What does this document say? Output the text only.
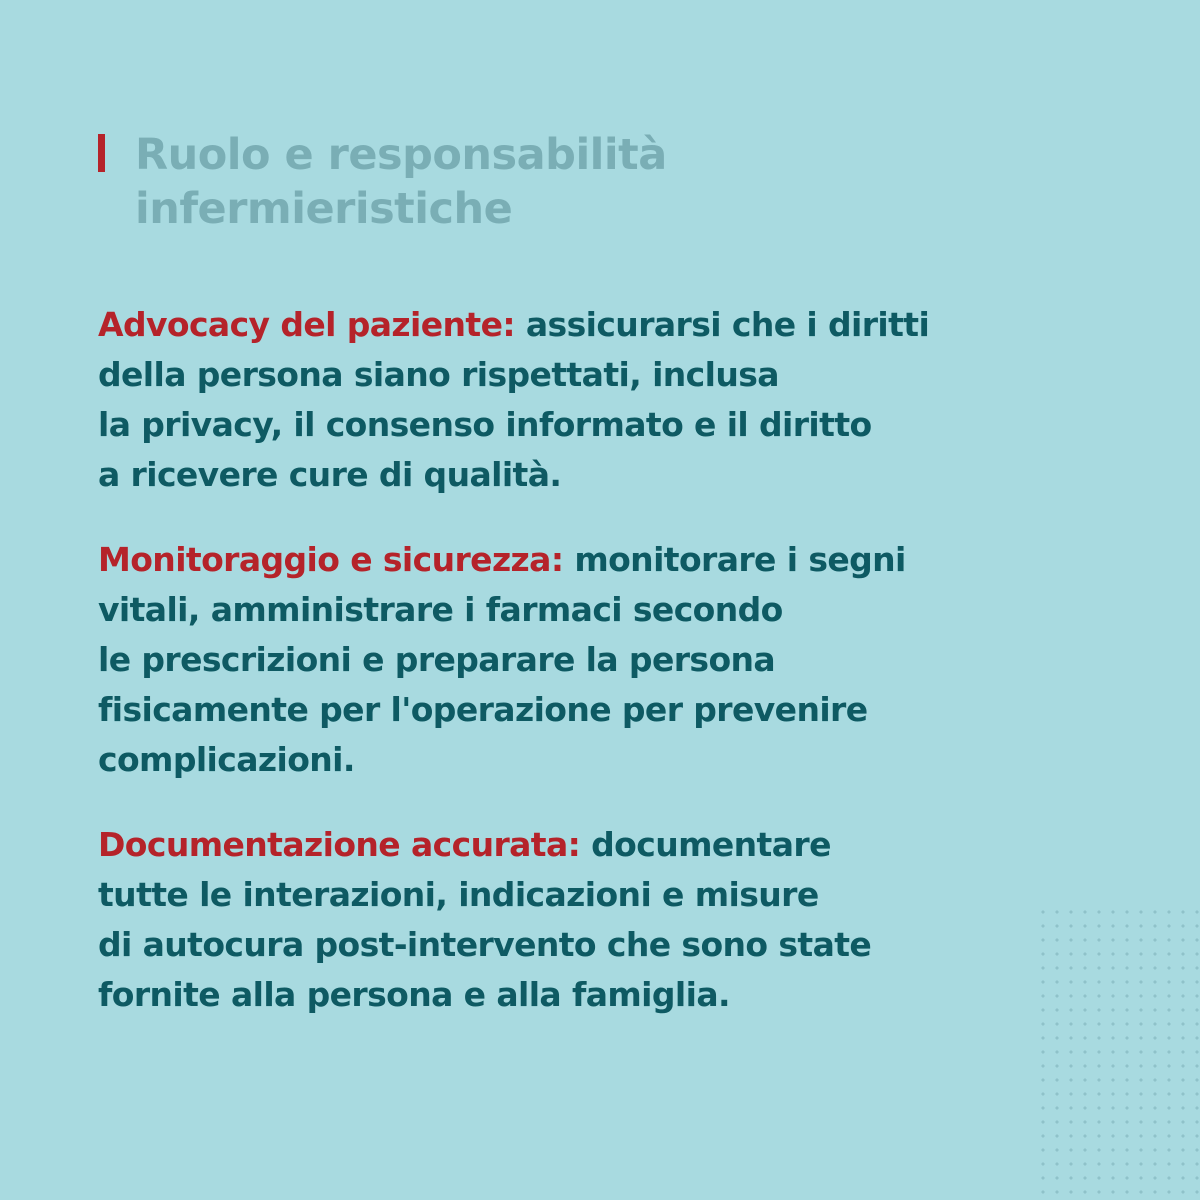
Ruolo e responsabilità
infermieristiche

Advocacy del paziente: assicurarsi che i diritti
della persona siano rispettati, inclusa
la privacy, il consenso informato e il diritto
a ricevere cure di qualità.

Monitoraggio e sicurezza: monitorare i segni
vitali, amministrare i farmaci secondo
le prescrizioni e preparare la persona
fisicamente per l'operazione per prevenire
complicazioni.

Documentazione accurata: documentare
tutte le interazioni, indicazioni e misure
di autocura post-intervento che sono state
fornite alla persona e alla famiglia.
